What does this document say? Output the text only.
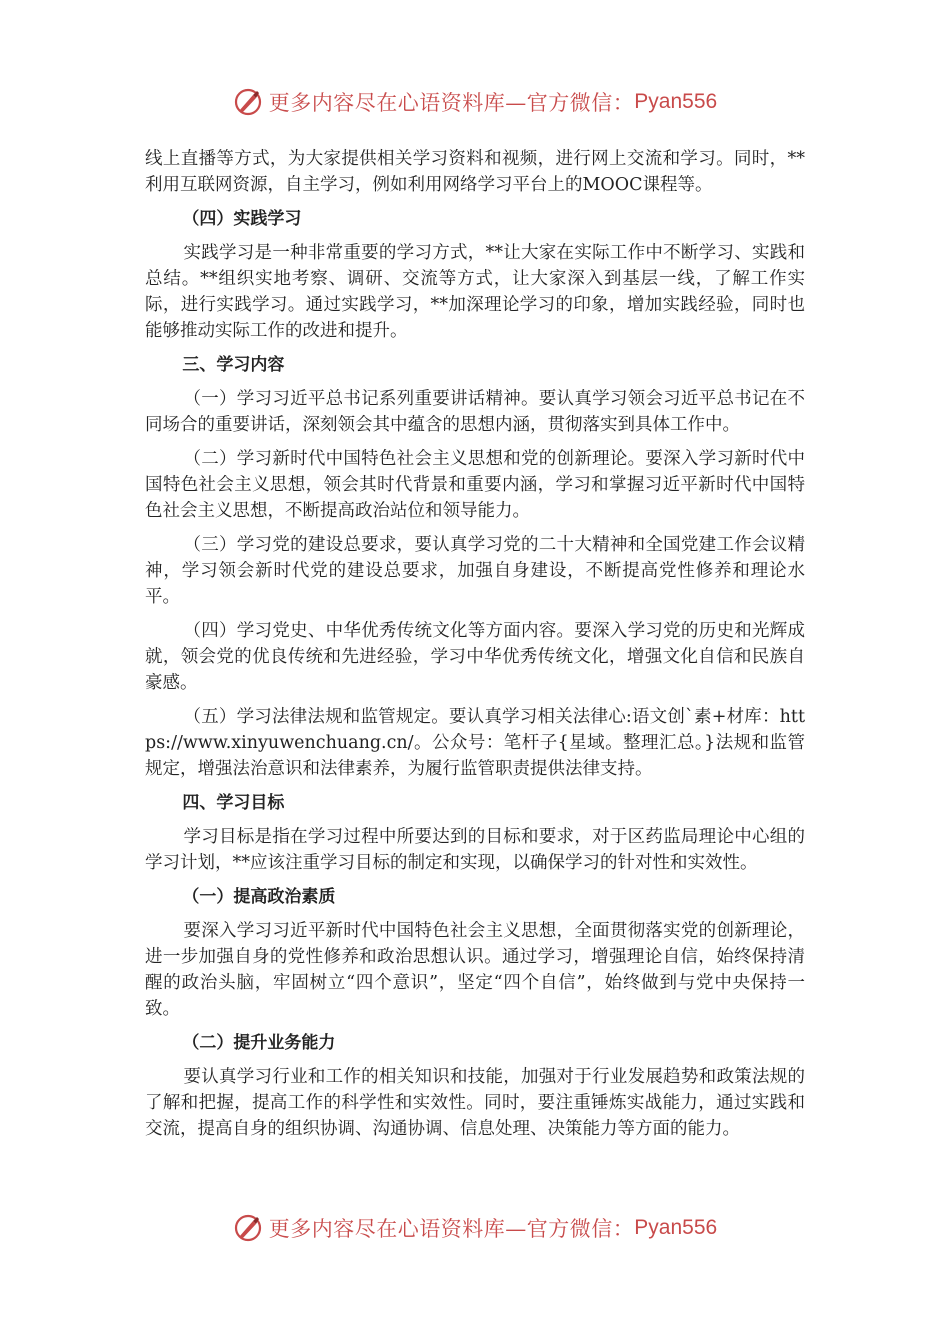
更多内容尽在心语资料库—官方微信： Pyan556

线上直播等方式，为大家提供相关学习资料和视频，进行网上交流和学习。同时，**利用互联网资源，自主学习，例如利用网络学习平台上的MOOC课程等。

（四）实践学习

实践学习是一种非常重要的学习方式，**让大家在实际工作中不断学习、实践和总结。**组织实地考察、调研、交流等方式，让大家深入到基层一线，了解工作实际，进行实践学习。通过实践学习，**加深理论学习的印象，增加实践经验，同时也能够推动实际工作的改进和提升。

三、学习内容

（一）学习习近平总书记系列重要讲话精神。要认真学习领会习近平总书记在不同场合的重要讲话，深刻领会其中蕴含的思想内涵，贯彻落实到具体工作中。

（二）学习新时代中国特色社会主义思想和党的创新理论。要深入学习新时代中国特色社会主义思想，领会其时代背景和重要内涵，学习和掌握习近平新时代中国特色社会主义思想，不断提高政治站位和领导能力。

（三）学习党的建设总要求，要认真学习党的二十大精神和全国党建工作会议精神，学习领会新时代党的建设总要求，加强自身建设，不断提高党性修养和理论水平。

（四）学习党史、中华优秀传统文化等方面内容。要深入学习党的历史和光辉成就，领会党的优良传统和先进经验，学习中华优秀传统文化，增强文化自信和民族自豪感。

（五）学习法律法规和监管规定。要认真学习相关法律心:语文创`素+材库：https://www.xinyuwenchuang.cn/。公众号：笔杆子{星域。整理汇总。}法规和监管规定，增强法治意识和法律素养，为履行监管职责提供法律支持。

四、学习目标

学习目标是指在学习过程中所要达到的目标和要求，对于区药监局理论中心组的学习计划，**应该注重学习目标的制定和实现，以确保学习的针对性和实效性。

（一）提高政治素质

要深入学习习近平新时代中国特色社会主义思想，全面贯彻落实党的创新理论，进一步加强自身的党性修养和政治思想认识。通过学习，增强理论自信，始终保持清醒的政治头脑，牢固树立“四个意识”，坚定“四个自信”，始终做到与党中央保持一致。

（二）提升业务能力

要认真学习行业和工作的相关知识和技能，加强对于行业发展趋势和政策法规的了解和把握，提高工作的科学性和实效性。同时，要注重锤炼实战能力，通过实践和交流，提高自身的组织协调、沟通协调、信息处理、决策能力等方面的能力。

更多内容尽在心语资料库—官方微信： Pyan556
